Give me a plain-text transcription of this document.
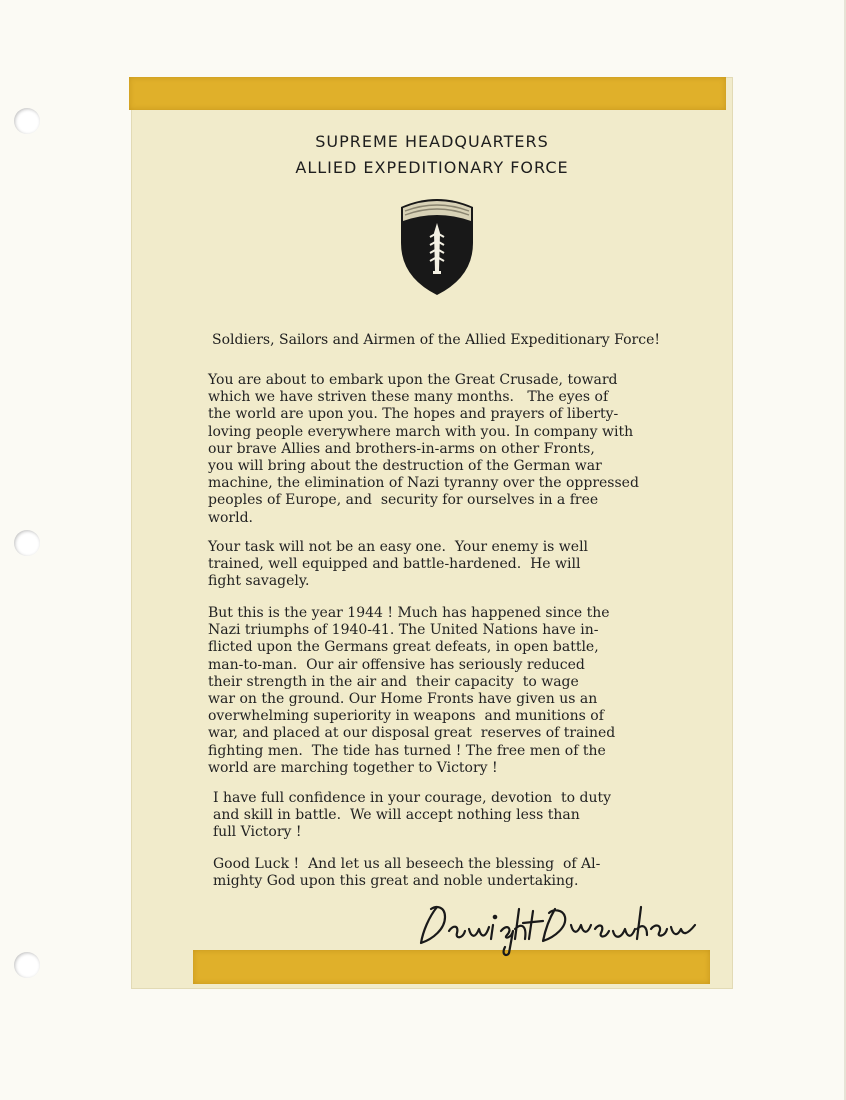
SUPREME HEADQUARTERS
ALLIED EXPEDITIONARY FORCE
Soldiers, Sailors and Airmen of the Allied Expeditionary Force!

You are about to embark upon the Great Crusade, toward
which we have striven these many months.   The eyes of
the world are upon you. The hopes and prayers of liberty-
loving people everywhere march with you. In company with
our brave Allies and brothers-in-arms on other Fronts,
you will bring about the destruction of the German war
machine, the elimination of Nazi tyranny over the oppressed
peoples of Europe, and  security for ourselves in a free
world.

Your task will not be an easy one.  Your enemy is well
trained, well equipped and battle-hardened.  He will
fight savagely.

But this is the year 1944 ! Much has happened since the
Nazi triumphs of 1940-41. The United Nations have in-
flicted upon the Germans great defeats, in open battle,
man-to-man.  Our air offensive has seriously reduced
their strength in the air and  their capacity  to wage
war on the ground. Our Home Fronts have given us an
overwhelming superiority in weapons  and munitions of
war, and placed at our disposal great  reserves of trained
fighting men.  The tide has turned ! The free men of the
world are marching together to Victory !

I have full confidence in your courage, devotion  to duty
and skill in battle.  We will accept nothing less than
full Victory !

Good Luck !  And let us all beseech the blessing  of Al-
mighty God upon this great and noble undertaking.
